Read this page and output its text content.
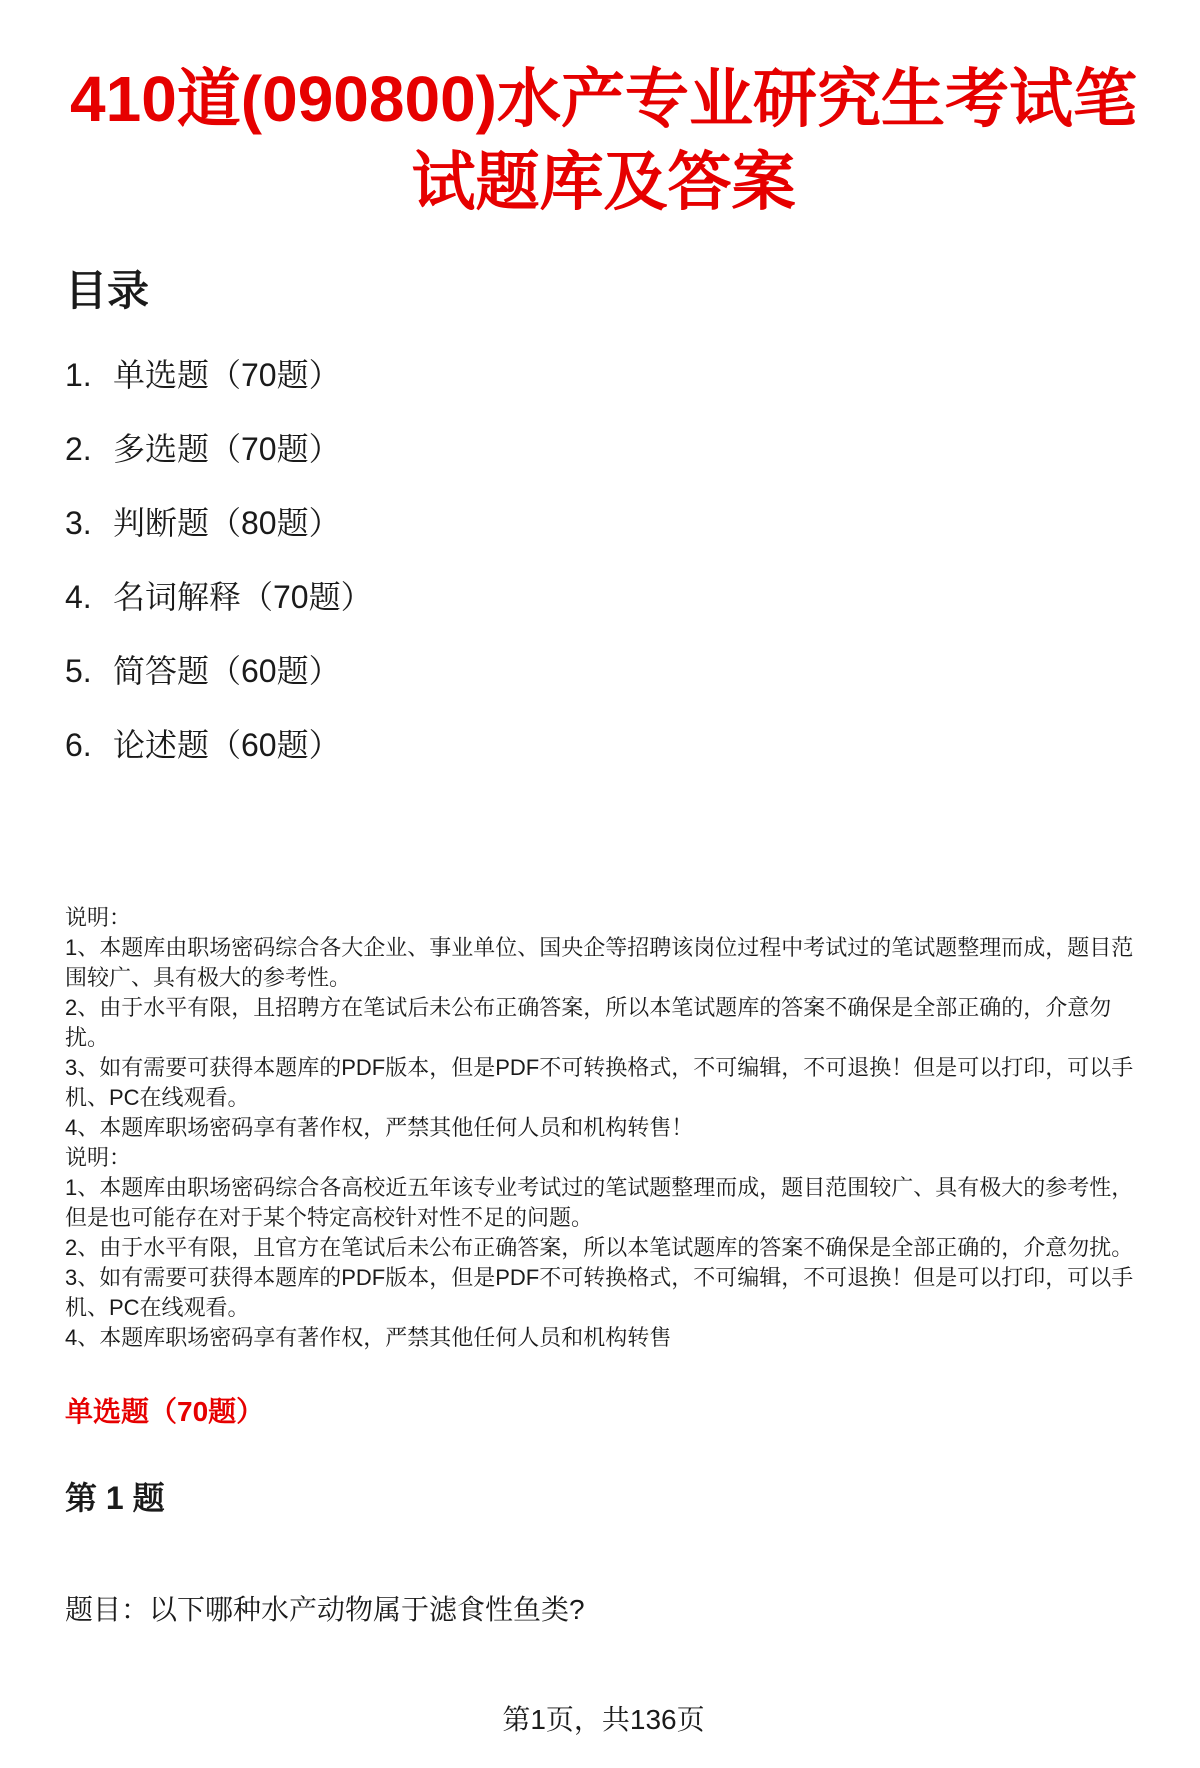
410道(090800)水产专业研究生考试笔试题库及答案
目录
1. 单选题（70题）
2. 多选题（70题）
3. 判断题（80题）
4. 名词解释（70题）
5. 简答题（60题）
6. 论述题（60题）

说明：

1、本题库由职场密码综合各大企业、事业单位、国央企等招聘该岗位过程中考试过的笔试题整理而成，题目范围较广、具有极大的参考性。

2、由于水平有限，且招聘方在笔试后未公布正确答案，所以本笔试题库的答案不确保是全部正确的，介意勿扰。

3、如有需要可获得本题库的PDF版本，但是PDF不可转换格式，不可编辑，不可退换！但是可以打印，可以手机、PC在线观看。

4、本题库职场密码享有著作权，严禁其他任何人员和机构转售！

说明：

1、本题库由职场密码综合各高校近五年该专业考试过的笔试题整理而成，题目范围较广、具有极大的参考性，但是也可能存在对于某个特定高校针对性不足的问题。

2、由于水平有限，且官方在笔试后未公布正确答案，所以本笔试题库的答案不确保是全部正确的，介意勿扰。

3、如有需要可获得本题库的PDF版本，但是PDF不可转换格式，不可编辑，不可退换！但是可以打印，可以手机、PC在线观看。

4、本题库职场密码享有著作权，严禁其他任何人员和机构转售

单选题（70题）
第 1 题

题目：以下哪种水产动物属于滤食性鱼类?

第1页，共136页
